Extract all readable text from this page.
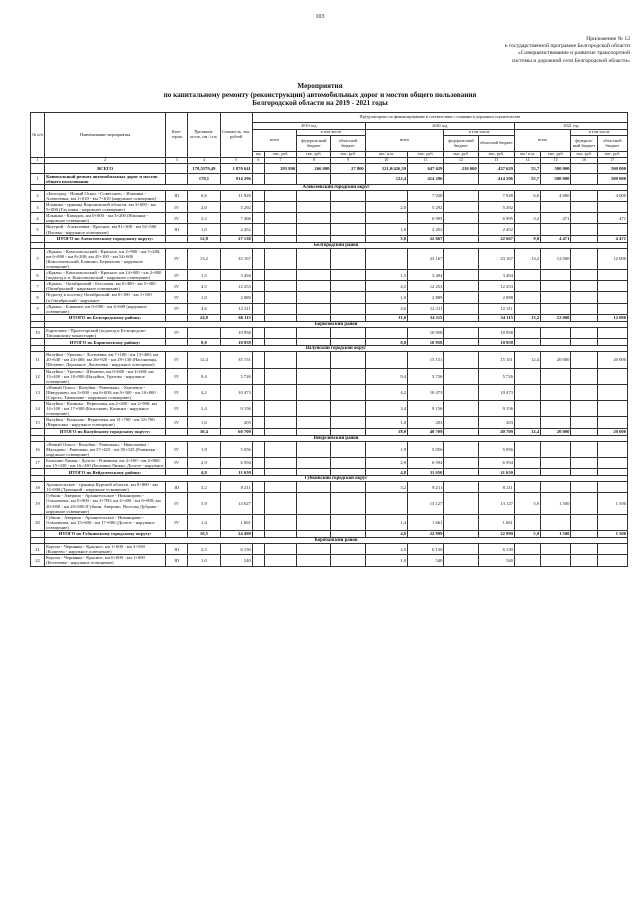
103
Приложение № 12
к государственной программе Белгородской области
«Совершенствование и развитие транспортной
системы и дорожной сети Белгородской области»
Мероприятия
по капитальному ремонту (реконструкции) автомобильных дорог и мостов общего пользования
Белгородской области на 2019 - 2021 годы
№ п/п	Наименование мероприятия	Кате-гория	Протяжен-ность, пм / п.м.	Стоимость, тыс. рублей	Предусмотрено по финансированию в соответствии с планами в дорожном строительстве											
					2019 год				2020 год				2021 год			
					всего		в том числе		всего		в том числе		всего		в том числе	
							федераль-ный бюджет	областной бюджет			федераль-ный бюджет	областной бюджет			федераль-ный бюджет	областной бюджет
					км	тыс. руб.	тыс. руб.	тыс. руб.	км / п.м.	тыс. руб.	тыс. руб.	тыс. руб.	км / п.м.	тыс. руб.	тыс. руб.	тыс. руб.
1	2	3	4	5	6	7	8	9	10	11	12	13	14	15	16	17
	ВСЕГО		178,5579,49	1 870 641		293 800	266 000	27 800	121,0/426,59	647 629	210 000	437 629	55,7	500 000		500 000
1	Капитальный ремонт автомобильных дорог и мостов общего пользования		178,1	914 296					122,4	414 296		414 296	55,7	500 000		500 000
	Алексеевский городской округ															
2	«Белгород - Новый Оскол - Советское» - Ильинка - Алексеевка, км 1+010 - км 7+610 (наружное освещение)	III	6,6	11 928						7 928		7 928	6,6	4 000		4 000
3	Ильинка - граница Воронежской области, км 3+000 - км 5+000 (Глуховка - наружное освещение)	IV	2,0	5 292					2,0	5 292		5 292				
4	Ильинка - Камадок, км 0+000 - км 3+200 (Ильинка - наружное освещение)	IV	3,2	7 466						6 995		6 995	3,2	471		471
5	Внутрий - Алексеевка - Красное, км 81+300 - км 92+500 (Иловка - наружное освещение)	III	1,0	2 452					1,0	2 452		2 452				
	ИТОГО по Алексеевскому городскому округу:		12,8	27 138					3,0	22 667		22 667	9,8	4 471		4 471
	Белгородский район															
5	«Крым» - Комсомольский - Красное, км 2+900 - км 5+200; км 6+800 - км 8+200; км 45+100 - км 54+600 (Комсомольский, Бликино, Беркалово - наружное освещение)	IV	13,2	35 167						23 167		23 167	13,2	12 000		12 000
6	«Крым» - Комсомольский - Красное, км 14+600 - км 2+000 (подъезд к п. Комсомольский - наружное освещение)	IV	1,5	3 494					1,5	3 494		3 494				
7	«Крым» - Октябрьский - Бессонов, км 0+400 - км 5+300 (Октябрьский - наружное освещение)	IV	4,5	12 253					4,5	12 253		12 253				
8	Подъезд к поселку Октябрьский, км 0+100 - км 1+100 (п.Октябрьский - наружное	IV	1,0	2 889					1,0	2 889		2 888				
9	«Крым» - Ближнее, км 0+000 - км 4+600 (наружное освещение)	IV	4,6	12 311					4,6	12 311		12 311				
	ИТОГО по Белгородскому району:		24,8	66 115					11,6	54 115		54 115	13,2	12 000		12 000
	Борисовский район															
10	Борисовка - Пролетарский (подъезд к Белгородско-Тишанскому монастырю)	IV		10 958						10 958		10 958				
	ИТОГО по Борисовскому району:		0,0	10 958					0,0	10 958		10 958				
	Валуйский городской округ															
11	Валуйки - Уразово - Логачевка, км 7+100 - км 13+400; км 20+640 - км 24+460; км 26+920 - км 29+130 (Насоновцы, Шелаево, Дорожное, Логачевка - наружное освещение)	IV	12,4	35 151						15 151		15 151	12,4	20 000		20 000
12	Валуйки - Уразово - Шелаево, км 0+600 - км 4+600; км 13+400 - км 18+800 (Валуйки, Уразово - наружное освещение)	IV	9,4	5 726					9,4	5 726		5 726				
13	«Новый Оскол - Валуйки - Ровеньки» - Хмелевое - Шведуново, км 3+000 - км 6+600; км 9+300 - км 10+800 (Сороть, Тимошево - наружное освещение)	IV	4,2	10 473					4,2	10 473		10 473				
14	Валуйки - Казинка - Вериговка, км 2+400 - км 2+900; км 14+100 - км 17+000 (Колосково, Казинка - наружное освещение)	IV	3,4	9 156					3,4	9 156		9 156				
15	Валуйки - Колыхая - Вериговка, км 31+700 - км 32+700 (Вериговка - наружное освещение)	IV	1,0	203					1,0	203		203				
	ИТОГО по Валуйскому городскому округу:		30,4	60 709					18,0	40 709		40 709	12,4	20 000		20 000
	Вейделевский район															
16	«Новый Оскол - Валуйки - Ровеньки» - Николаевка - Мальцево - Ровеньки, км 37+425 - км 39+325 (Ровеньки - наружное освещение)	IV	1,9	5 056					1,9	5 056		5 056				
17	Большие Лиман - Долгое - Ровеньки, км 2+160 - км 2+860; км 15+230 - км 16+430 (Большие Лиман, Долгое - наружное	IV	2,9	6 594					2,9	6 594		6 594				
	ИТОГО по Вейделевскому району:		4,8	11 650					4,8	11 650		11 650				
	Губкинский городской округ															
18	Архангельское - граница Курской области, км 8+800 - км 12+000 (Троицкий - наружное освещение)	III	3,2	8 211					3,2	8 211		8 211				
19	Губкин - Аверино - Архангельское - Никанорово - Ольховатка, км 0+000 - км 3+700; км 4+400 - км 6+800; км 20+000 - км 20+600 (Губкин, Аверино, Веселая Дубрава - наружное освещение)	IV	5,9	14 627						13 127		13 127	5,9	1 500		1 500
20	Губкин - Аверино - Архангельское - Никанорово - Ольховатка, км 15+600 - км 17+000 (Долгое - наружное освещение)	IV	1,4	1 661					1,4	1 661		1 661				
	ИТОГО по Губкинскому городскому округу:		10,5	24 499					4,6	22 999		22 999	5,9	1 500		1 500
	Корочанский район															
21	Короча - Чернянка - Красное, км 1+000 - км 3+500 (Кощеево - наружное освещение)	III	2,5	6 130					2,5	6 130		6 130				
22	Короча - Чернянка - Красное, км 0+000 - км 1+000 (Бехтеевка - наружное освещение)	III	1,0	540					1,0	540		540				
